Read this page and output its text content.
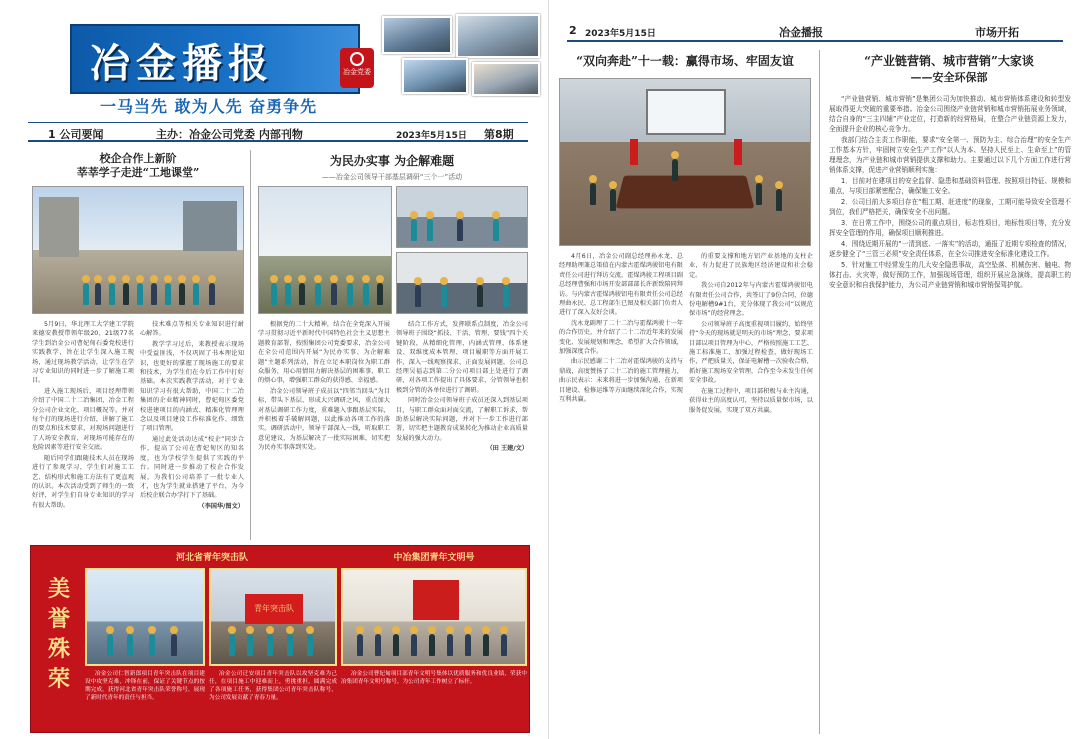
冶金播报	冶金党委
一马当先 敢为人先 奋勇争先
1 公司要闻	主办：冶金公司党委 内部刊物	2023年5月15日 第8期
校企合作上新阶
莘莘学子走进“工地课堂”

5月9日，华北理工大学建工学院来德安教授带领年级20、21级77名学生到冶金公司曹妃甸石委党校进行实践教学，旨在让学生深入施工现场，通过现场教学活动，让学生在学习专业知识的同时进一步了解施工项目。

进入施工现场后，项目经理带领介绍了中国二十二冶集团，冶金工程分公司企业文化、项目概况等。并对每个打的现场进行介绍，讲解了施工的要点和技术要求，对现场问题进行了人场安全教育，对现场可能存在的危险因素等进行安全交底。

随后同学们跟随技术人员在现场进行了参观学习，学生们对施工工艺、结构形式和施工方法有了更直观的认识。本次活动受到了师生的一致好评，对学生们自身专业知识的学习有很大帮助。

技术难点等相关专业知识进行耐心解答。

教学学习过后，来教授表示现场中受益匪浅，不仅巩固了书本理论知识，也更好的掌握了现场施工的要求和技术，为学生们在今后工作中打好基础。本次实践教学活动，对于专业知识学习有很大帮助，中国二十二冶集团的企业精神同时，曹妃甸区委党校进建项目的内涵式、精准化管理理念以及项目建设工作标准化作、细致了项目管理。

通过此处活动达成“校企”同步合作，提高了公司在曹妃甸区的知名度，也为学校学生提供了实践的平台。同时进一步推动了校企合作发展，为我们公司培养了一批专业人才，也为学生就业搭建了平台，为今后校企联合办学打下了基础。

（李国华/图文）
为民办实事 为企解难题
——冶金公司领导干部基层调研“三个一”活动

根据党的二十大精神，结合在全党深入开展学习贯彻习近平新时代中国特色社会主义思想主题教育部署，按照集团公司党委要求，冶金公司在全公司范围内开展“为民办实事、为企解难题”主题系列活动，旨在立足本职岗位为职工群众服务，用心用情用力解决基层的困难事、职工的烦心事，增强职工群众的获得感、幸福感。

冶金公司领导班子成员以“四邻当回头”为目标，带头下基层、形成大兴调研之风，重点加大对基层调研工作力度，重难题入事跟基层实际，并积极着手破解问题，以此推动各项工作的落实。调研活动中，领导干部深入一线，听取职工意见建议，为基层解决了一批实际困难，切实把为民办实事落到实处。

结合工作方式，发挥联系点制度，冶金公司领导班子围绕“抓技、干活、管理、要钱”四个关键阶段，从精细化管理、内涵式管理、体系建设、双维度成本管理、项目履职等方面开展工作，深入一线观察探求、正面发展问题，公司总经理吴福志到第二分公司项目部上处进行了调研，对各项工作提出了具体要求，分管领导也积极到分管的各单位进行了调研。

同时冶金公司领导班子成员还深入到基层项目，与职工群众面对面交流，了解职工诉求，帮助基层解决实际问题，并对下一步工作进行部署，切实把主题教育成果转化为推动企业高质量发展的强大动力。

（田 王建/文）
美誉殊荣
河北省青年突击队	中冶集团青年文明号
青年突击队

冶金公司仁智新郎项目青年突击队在项目建设中攻坚克难，冲锋在前，保证了关键节点的按期完成，获得河北省青年突击队荣誉称号，展现了新时代青年的责任与担当。

冶金公司迁安项目青年突击队以攻坚克难为己任，在项目施工中迎难而上，勇挑重担，圆满完成了各项施工任务，获得集团公司青年突击队称号，为公司发展贡献了青春力量。

冶金公司曹妃甸项目部青年文明号集体以优质服务和优良业绩，荣获中冶集团青年文明号称号，为公司青年工作树立了标杆。

2 2023年5月15日	冶金播报	市场开拓
“双向奔赴”十一载：赢得市场、牢固友谊

4月6日，冶金公司副总经理孙永龙、总经理助理兼总策值在内蒙古霍煤鸿骏铝电有限责任公司进行拜访交流，霍煤鸿骏工程项目副总经理曹强和市场开发部部部长许新致陪同拜访。与内蒙古霍煤鸿骏铝电有限责任公司总经理曲永民、总工程部生已图及相关部门负责人进行了深入友好会谈。

沈永龙副理了二十二冶与霍煤鸿骏十一年的合作历史，并介绍了二十二冶近年来的发展变化、发展规划和理念，希望扩大合作领域，加强深度合作。

曲示民感谢二十二冶对霍煤鸿骏的支持与鼎战，高度赞扬了二十二冶的施工管理能力，曲示民表示：未来将进一步加强沟通，在新项目建设、检修运维等方面继续深化合作，实现互利共赢。

的重要支撑和地方铝产业基地的支柱企业，有力促进了民族地区经济建设和社会稳定。

我公司自2012年与内蒙古霍煤鸿骏铝电有限责任公司合作，共签订了9份合同，位德份电解槽9#1台，充分体现了我公司“以规范保市场”的经营理念。

公司领导班子高度重视项目履约，始终坚持“今天的现场就是明天的市场”理念，要求项目部以项目管理为中心，严格按照施工工艺、施工标准施工，加强过程检查，做好现场工作，严把质量关，保证电解槽一次验收合格，抓好施工现场安全管理，合作至今未发生任何安全事故。

在施工过程中，项目部积极与业主沟通，获得业主的高度认可，坚持以质量保市场，以服务促发展，实现了双方共赢。

“产业链营销、城市营销”大家谈
——安全环保部

“产业链营销、城市营销”是集团公司为加快推动、城市营销体系建设和转型发展取得更大突破的重要举措。冶金公司围绕产业链营销和城市营销拓展业务领域，结合自身的“三主四辅”产业定位，打造新的经营格局，在整合产业链资源上发力，全面提升企业的核心竞争力。

我部门结合主责工作职能，要求“安全第一、预防为主、综合治理”的安全生产工作基本方针，牢固树立安全生产工作“以人为本、坚持人民至上、生命至上”的管理理念，为产业链和城市营销提供支撑和助力。主要通过以下几个方面工作进行营销体系支撑，促进产业营销顺利实施：

1．目前对在建项目的安全监督、隐患和基础资料管理、按照项目特征、规模和重点，与项目部紧密配合，确保施工安全。

2．公司目前大多项目存在“粗工期、赶进度”的现象，工期可能导致安全管理不到位，我们严格把关，确保安全不出问题。

3．在日常工作中，围绕公司的重点项目，标志性项目，地标性项目等，充分发挥安全管理的作用，确保项目顺利推进。

4．围绕近期开展的“一清到底、一落实”的活动，通报了近期专项检查的情况，逐步健全了“三管三必须”安全责任体系，在全公司推进安全标准化建设工作。

5．针对施工中经常发生的几大安全隐患事故，高空坠落、机械伤害、触电、物体打击、火灾等，做好预防工作，加强现场管理，组织开展应急演练，提高职工的安全意识和自我保护能力，为公司产业链营销和城市营销保驾护航。
